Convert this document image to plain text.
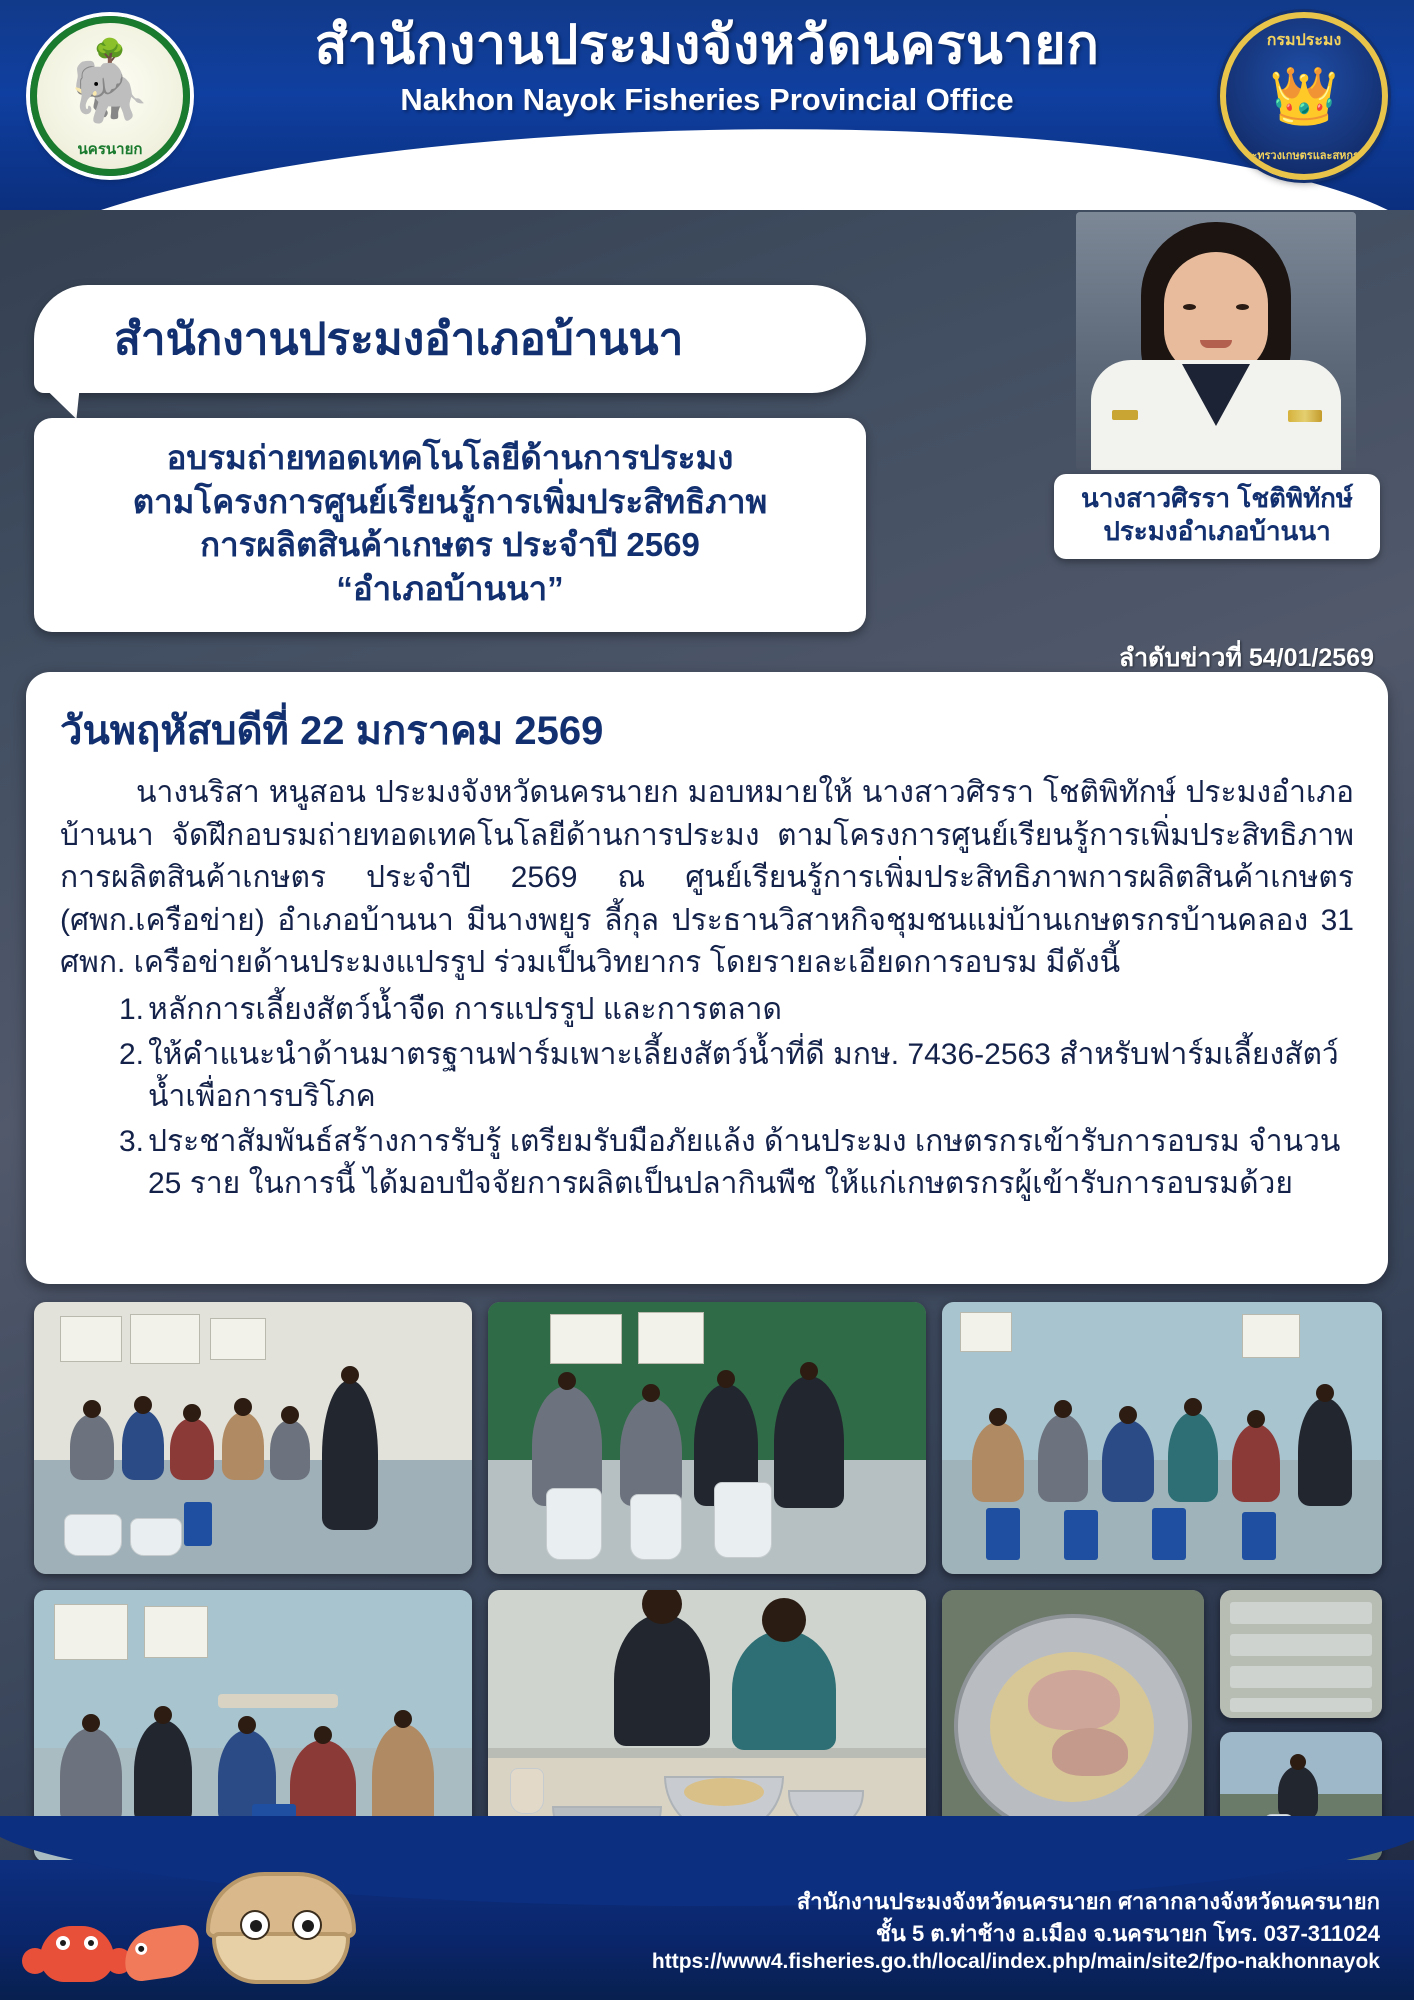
สำนักงานประมงจังหวัดนครนายก
Nakhon Nayok Fisheries Provincial Office
🌳
🐘
นครนายก
กรมประมง
👑
กระทรวงเกษตรและสหกรณ์
สำนักงานประมงอำเภอบ้านนา
อบรมถ่ายทอดเทคโนโลยีด้านการประมง
ตามโครงการศูนย์เรียนรู้การเพิ่มประสิทธิภาพ
การผลิตสินค้าเกษตร ประจำปี 2569
“อำเภอบ้านนา”
นางสาวศิรรา โชติพิทักษ์
ประมงอำเภอบ้านนา
ลำดับข่าวที่ 54/01/2569
วันพฤหัสบดีที่ 22 มกราคม 2569
นางนริสา หนูสอน ประมงจังหวัดนครนายก มอบหมายให้ นางสาวศิรรา โชติพิทักษ์ ประมงอำเภอบ้านนา จัดฝึกอบรมถ่ายทอดเทคโนโลยีด้านการประมง ตามโครงการศูนย์เรียนรู้การเพิ่มประสิทธิภาพการผลิตสินค้าเกษตร ประจำปี 2569 ณ ศูนย์เรียนรู้การเพิ่มประสิทธิภาพการผลิตสินค้าเกษตร (ศพก.เครือข่าย) อำเภอบ้านนา มีนางพยูร ลี้กุล ประธานวิสาหกิจชุมชนแม่บ้านเกษตรกรบ้านคลอง 31 ศพก. เครือข่ายด้านประมงแปรรูป ร่วมเป็นวิทยากร โดยรายละเอียดการอบรม มีดังนี้
1. หลักการเลี้ยงสัตว์น้ำจืด การแปรรูป และการตลาด
2. ให้คำแนะนำด้านมาตรฐานฟาร์มเพาะเลี้ยงสัตว์น้ำที่ดี มกษ. 7436-2563 สำหรับฟาร์มเลี้ยงสัตว์น้ำเพื่อการบริโภค
3. ประชาสัมพันธ์สร้างการรับรู้ เตรียมรับมือภัยแล้ง ด้านประมง เกษตรกรเข้ารับการอบรม จำนวน 25 ราย ในการนี้ ได้มอบปัจจัยการผลิตเป็นปลากินพืช ให้แก่เกษตรกรผู้เข้ารับการอบรมด้วย
สำนักงานประมงจังหวัดนครนายก ศาลากลางจังหวัดนครนายก
ชั้น 5 ต.ท่าช้าง อ.เมือง จ.นครนายก โทร. 037-311024
https://www4.fisheries.go.th/local/index.php/main/site2/fpo-nakhonnayok
